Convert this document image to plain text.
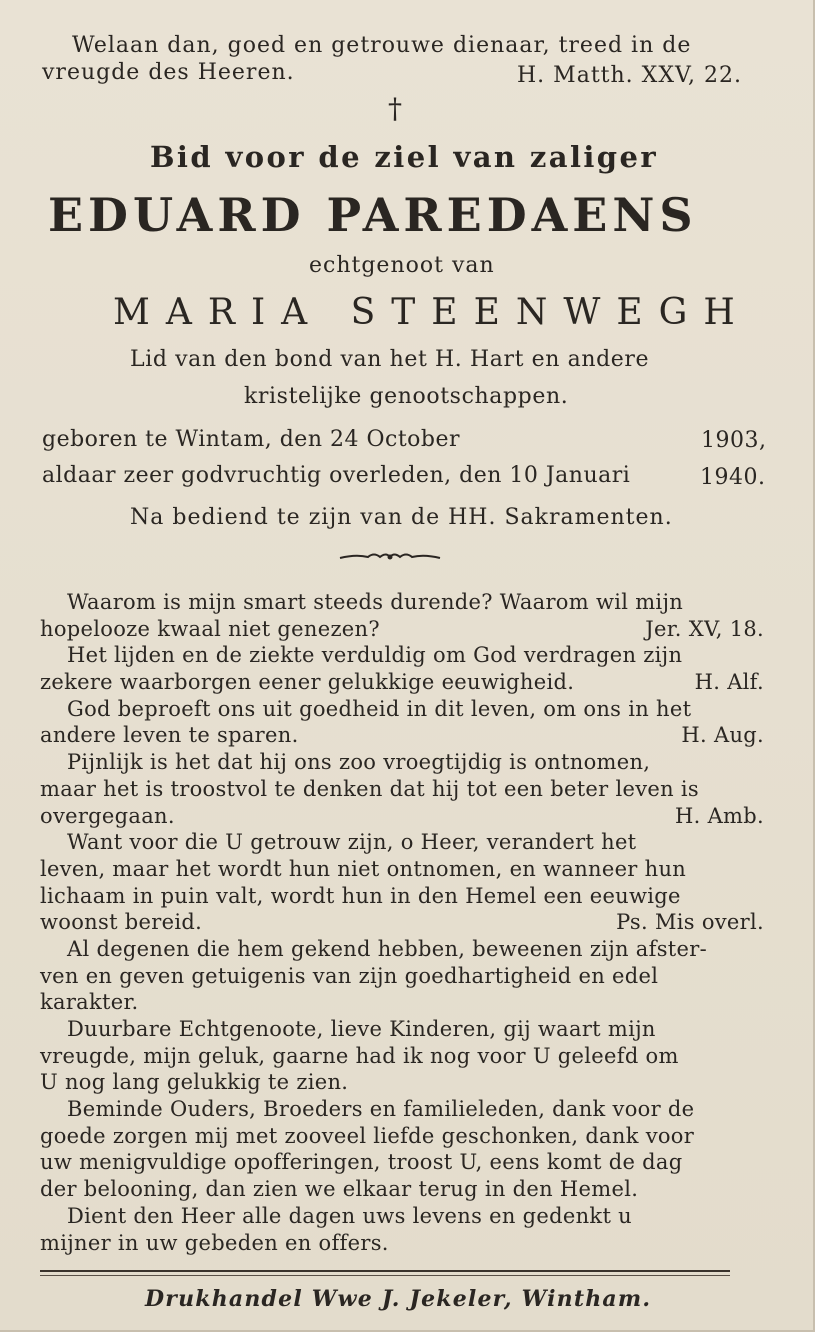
Welaan dan, goed en getrouwe dienaar, treed in de
vreugde des Heeren.	H. Matth. XXV, 22.
†
Bid voor de ziel van zaliger
EDUARD PAREDAENS
echtgenoot van
MARIA STEENWEGH
Lid van den bond van het H. Hart en andere
kristelijke genootschappen.
geboren te Wintam, den 24 October	1903,
aldaar zeer godvruchtig overleden, den 10 Januari	1940.
Na bediend te zijn van de HH. Sakramenten.
Waarom is mijn smart steeds durende? Waarom wil mijn
hopelooze kwaal niet genezen?	Jer. XV, 18.
Het lijden en de ziekte verduldig om God verdragen zijn
zekere waarborgen eener gelukkige eeuwigheid.	H. Alf.
God beproeft ons uit goedheid in dit leven, om ons in het
andere leven te sparen.	H. Aug.
Pijnlijk is het dat hij ons zoo vroegtijdig is ontnomen,
maar het is troostvol te denken dat hij tot een beter leven is
overgegaan.	H. Amb.
Want voor die U getrouw zijn, o Heer, verandert het
leven, maar het wordt hun niet ontnomen, en wanneer hun
lichaam in puin valt, wordt hun in den Hemel een eeuwige
woonst bereid.	Ps. Mis overl.
Al degenen die hem gekend hebben, beweenen zijn afster-
ven en geven getuigenis van zijn goedhartigheid en edel
karakter.
Duurbare Echtgenoote, lieve Kinderen, gij waart mijn
vreugde, mijn geluk, gaarne had ik nog voor U geleefd om
U nog lang gelukkig te zien.
Beminde Ouders, Broeders en familieleden, dank voor de
goede zorgen mij met zooveel liefde geschonken, dank voor
uw menigvuldige opofferingen, troost U, eens komt de dag
der belooning, dan zien we elkaar terug in den Hemel.
Dient den Heer alle dagen uws levens en gedenkt u
mijner in uw gebeden en offers.
Drukhandel Wwe J. Jekeler, Wintham.
